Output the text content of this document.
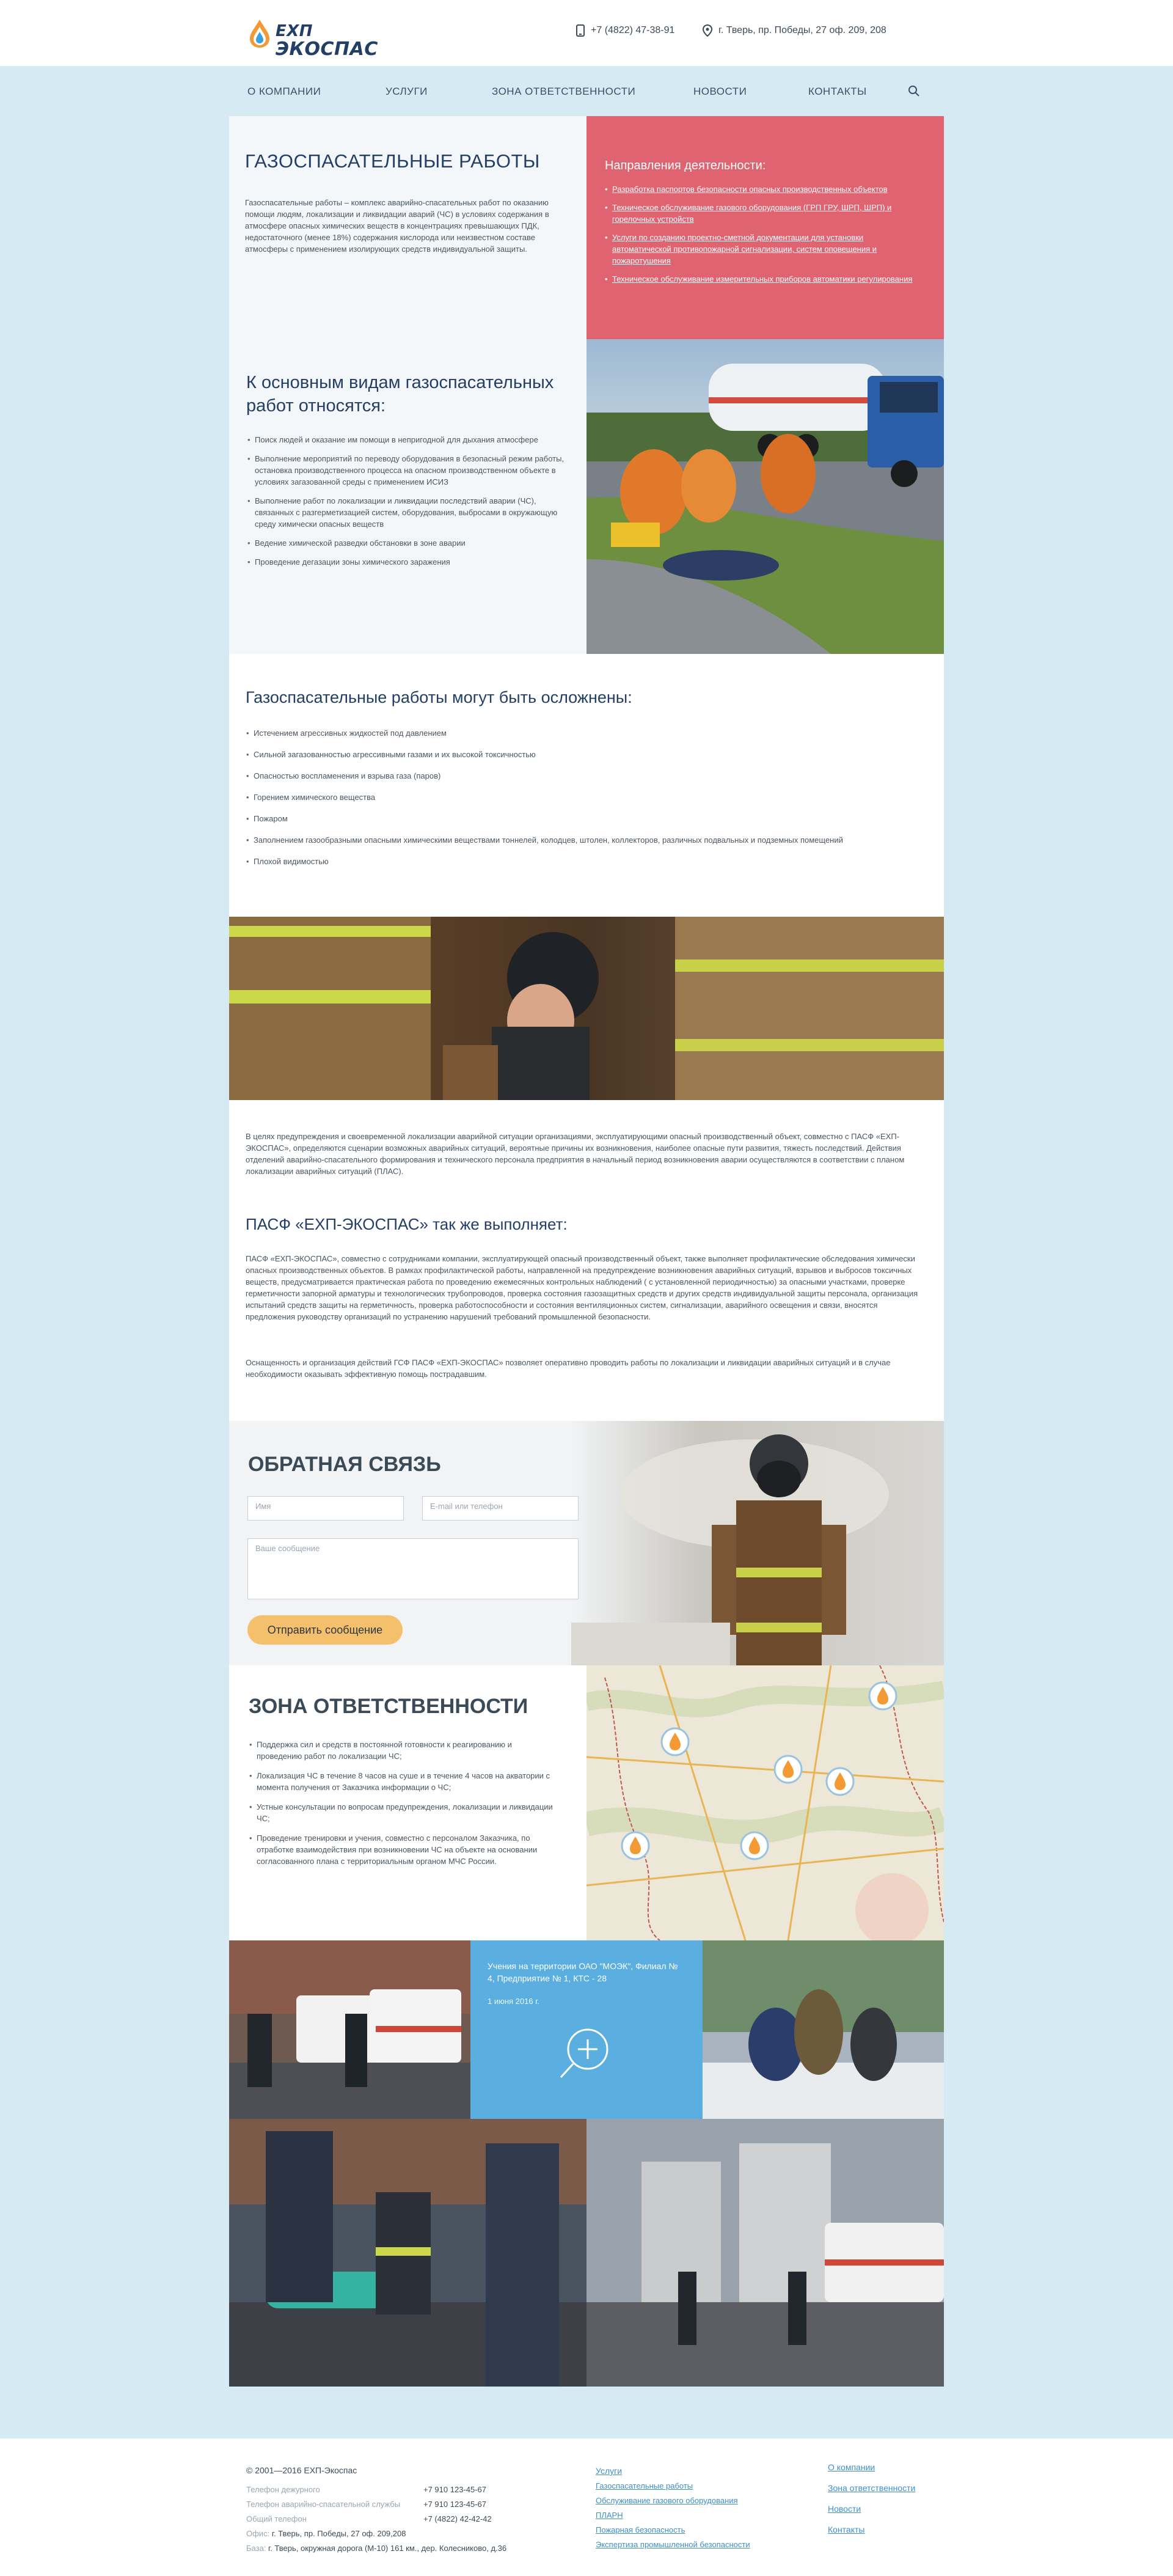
ЕХП
ЭКОСПАС
+7 (4822) 47-38-91	г. Тверь, пр. Победы, 27 оф. 209, 208
О КОМПАНИИ	УСЛУГИ	ЗОНА ОТВЕТСТВЕННОСТИ	НОВОСТИ	КОНТАКТЫ
ГАЗОСПАСАТЕЛЬНЫЕ РАБОТЫ
Газоспасательные работы – комплекс аварийно-спасательных работ по оказанию помощи людям, локализации и ликвидации аварий (ЧС) в условиях содержания в атмосфере опасных химических веществ в концентрациях превышающих ПДК, недостаточного (менее 18%) содержания кислорода или неизвестном составе атмосферы с применением изолирующих средств индивидуальной защиты.
Направления деятельности:
• Разработка паспортов безопасности опасных производственных объектов
• Техническое обслуживание газового оборудования (ГРП ГРУ, ШРП, ШРП) и горелочных устройств
• Услуги по созданию проектно-сметной документации для установки автоматической противопожарной сигнализации, систем оповещения и пожаротушения
• Техническое обслуживание измерительных приборов автоматики регулирования
К основным видам газоспасательных работ относятся:
• Поиск людей и оказание им помощи в непригодной для дыхания атмосфере
• Выполнение мероприятий по переводу оборудования в безопасный режим работы, остановка производственного процесса на опасном производственном объекте в условиях загазованной среды с применением ИСИЗ
• Выполнение работ по локализации и ликвидации последствий аварии (ЧС), связанных с разгерметизацией систем, оборудования, выбросами в окружающую среду химически опасных веществ
• Ведение химической разведки обстановки в зоне аварии
• Проведение дегазации зоны химического заражения
Газоспасательные работы могут быть осложнены:
• Истечением агрессивных жидкостей под давлением
• Сильной загазованностью агрессивными газами и их высокой токсичностью
• Опасностью воспламенения и взрыва газа (паров)
• Горением химического вещества
• Пожаром
• Заполнением газообразными опасными химическими веществами тоннелей, колодцев, штолен, коллекторов, различных подвальных и подземных помещений
• Плохой видимостью
В целях предупреждения и своевременной локализации аварийной ситуации организациями, эксплуатирующими опасный производственный объект, совместно с ПАСФ «ЕХП-ЭКОСПАС», определяются сценарии возможных аварийных ситуаций, вероятные причины их возникновения, наиболее опасные пути развития, тяжесть последствий. Действия отделений аварийно-спасательного формирования и технического персонала предприятия в начальный период возникновения аварии осуществляются в соответствии с планом локализации аварийных ситуаций (ПЛАС).
ПАСФ «ЕХП-ЭКОСПАС» так же выполняет:
ПАСФ «ЕХП-ЭКОСПАС», совместно с сотрудниками компании, эксплуатирующей опасный производственный объект, также выполняет профилактические обследования химически опасных производственных объектов. В рамках профилактической работы, направленной на предупреждение возникновения аварийных ситуаций, взрывов и выбросов токсичных веществ, предусматривается практическая работа по проведению ежемесячных контрольных наблюдений ( с установленной периодичностью) за опасными участками, проверке герметичности запорной арматуры и технологических трубопроводов, проверка состояния газозащитных средств и других средств индивидуальной защиты персонала, организация испытаний средств защиты на герметичность, проверка работоспособности и состояния вентиляционных систем, сигнализации, аварийного освещения и связи, вносятся предложения руководству организаций по устранению нарушений требований промышленной безопасности.
Оснащенность и организация действий ГСФ ПАСФ «ЕХП-ЭКОСПАС» позволяет оперативно проводить работы по локализации и ликвидации аварийных ситуаций и в случае необходимости оказывать эффективную помощь пострадавшим.
ОБРАТНАЯ СВЯЗЬ
Имя	E-mail или телефон
Ваше сообщение
Отправить сообщение
ЗОНА ОТВЕТСТВЕННОСТИ
• Поддержка сил и средств в постоянной готовности к реагированию и проведению работ по локализации ЧС;
• Локализация ЧС в течение 8 часов на суше и в течение 4 часов на акватории с момента получения от Заказчика информации о ЧС;
• Устные консультации по вопросам предупреждения, локализации и ликвидации ЧС;
• Проведение тренировки и учения, совместно с персоналом Заказчика, по отработке взаимодействия при возникновении ЧС на объекте на основании согласованного плана с территориальным органом МЧС России.
Учения на территории ОАО "МОЭК", Филиал № 4, Предприятие № 1, КТС - 28
1 июня 2016 г.
© 2001—2016 ЕХП-Экоспас
Телефон дежурного	+7 910 123-45-67
Телефон аварийно-спасательной службы	+7 910 123-45-67
Общий телефон	+7 (4822) 42-42-42
Офис: г. Тверь, пр. Победы, 27 оф. 209,208
База: г. Тверь, окружная дорога (М-10) 161 км., дер. Колесниково, д.36
Услуги
Газоспасательные работы
Обслуживание газового оборудования
ПЛАРН
Пожарная безопасность
Экспертиза промышленной безопасности
О компании
Зона ответственности
Новости
Контакты
